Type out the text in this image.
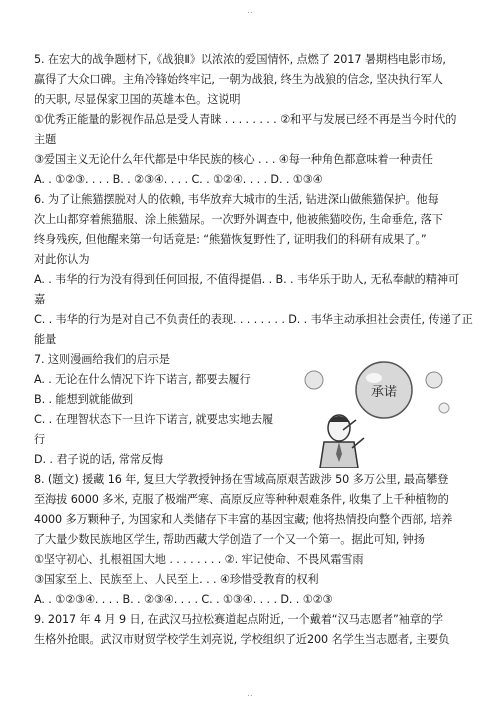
..
5. 在宏大的战争题材下,《战狼Ⅱ》以浓浓的爱国情怀, 点燃了 2017 暑期档电影市场,
赢得了大众口碑。主角冷锋始终牢记, 一朝为战狼, 终生为战狼的信念, 坚决执行军人
的天职, 尽显保家卫国的英雄本色。这说明
①优秀正能量的影视作品总是受人青睐 . . . . . . . . ②和平与发展已经不再是当今时代的
主题
③爱国主义无论什么年代都是中华民族的核心 . . . ④每一种角色都意味着一种责任
A. . ①②③. . . . B. . ②③④. . . . C. . ①②④. . . . D. . ①③④
6. 为了让熊猫摆脱对人的依赖, 韦华放弃大城市的生活, 钻进深山做熊猫保护。他每
次上山都穿着熊猫服、涂上熊猫尿。一次野外调查中, 他被熊猫咬伤, 生命垂危, 落下
终身残疾, 但他醒来第一句话竟是: “熊猫恢复野性了, 证明我们的科研有成果了。”
对此你认为
A. . 韦华的行为没有得到任何回报, 不值得提倡. . B. . 韦华乐于助人, 无私奉献的精神可
嘉
C. . 韦华的行为是对自己不负责任的表现. . . . . . . . D. . 韦华主动承担社会责任, 传递了正
能量
7. 这则漫画给我们的启示是
A. . 无论在什么情况下许下诺言, 都要去履行
B. . 能想到就能做到
C. . 在理智状态下一旦许下诺言, 就要忠实地去履
行
D. . 君子说的话, 常常反悔
承诺
8. (题文) 援藏 16 年, 复旦大学教授钟扬在雪域高原艰苦跋涉 50 多万公里, 最高攀登
至海拔 6000 多米, 克服了极端严寒、高原反应等种种艰难条件, 收集了上千种植物的
4000 多万颗种子, 为国家和人类储存下丰富的基因宝藏; 他将热情投向整个西部, 培养
了大量少数民族地区学生, 帮助西藏大学创造了一个又一个第一。据此可知, 钟扬
①坚守初心、扎根祖国大地 . . . . . . . . ②. 牢记使命、不畏风霜雪雨
③国家至上、民族至上、人民至上. . . ④珍惜受教育的权利
A. . ①②③④. . . . B. . ②③④. . . . C. . ①③④. . . . D. . ①②③
9. 2017 年 4 月 9 日, 在武汉马拉松赛道起点附近, 一个戴着“汉马志愿者”袖章的学
生格外抢眼。武汉市财贸学校学生刘亮说, 学校组织了近200 名学生当志愿者, 主要负
..
